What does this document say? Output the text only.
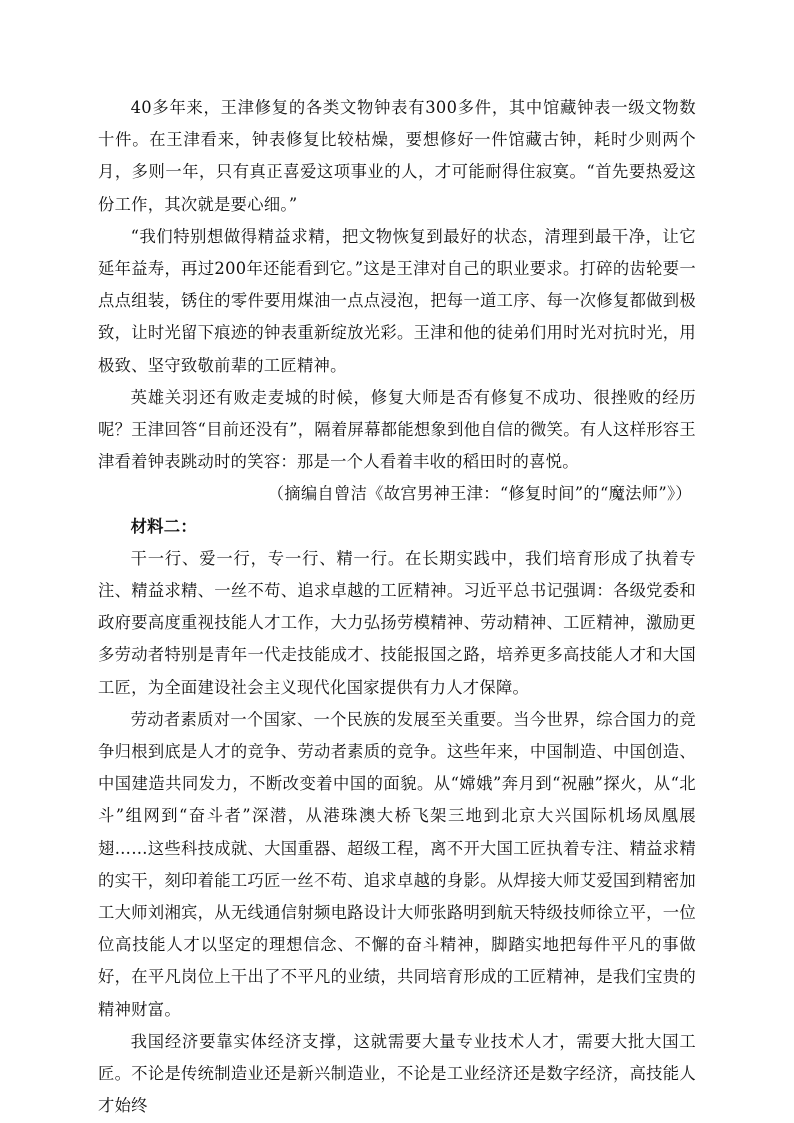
40多年来，王津修复的各类文物钟表有300多件，其中馆藏钟表一级文物数十件。在王津看来，钟表修复比较枯燥，要想修好一件馆藏古钟，耗时少则两个月，多则一年，只有真正喜爱这项事业的人，才可能耐得住寂寞。“首先要热爱这份工作，其次就是要心细。”

“我们特别想做得精益求精，把文物恢复到最好的状态，清理到最干净，让它延年益寿，再过200年还能看到它。”这是王津对自己的职业要求。打碎的齿轮要一点点组装，锈住的零件要用煤油一点点浸泡，把每一道工序、每一次修复都做到极致，让时光留下痕迹的钟表重新绽放光彩。王津和他的徒弟们用时光对抗时光，用极致、坚守致敬前辈的工匠精神。

英雄关羽还有败走麦城的时候，修复大师是否有修复不成功、很挫败的经历呢？王津回答“目前还没有”，隔着屏幕都能想象到他自信的微笑。有人这样形容王津看着钟表跳动时的笑容：那是一个人看着丰收的稻田时的喜悦。

（摘编自曾洁《故宫男神王津：“修复时间”的“魔法师”》）

材料二：

干一行、爱一行，专一行、精一行。在长期实践中，我们培育形成了执着专注、精益求精、一丝不苟、追求卓越的工匠精神。习近平总书记强调：各级党委和政府要高度重视技能人才工作，大力弘扬劳模精神、劳动精神、工匠精神，激励更多劳动者特别是青年一代走技能成才、技能报国之路，培养更多高技能人才和大国工匠，为全面建设社会主义现代化国家提供有力人才保障。

劳动者素质对一个国家、一个民族的发展至关重要。当今世界，综合国力的竞争归根到底是人才的竞争、劳动者素质的竞争。这些年来，中国制造、中国创造、中国建造共同发力，不断改变着中国的面貌。从“嫦娥”奔月到“祝融”探火，从“北斗”组网到“奋斗者”深潜，从港珠澳大桥飞架三地到北京大兴国际机场凤凰展翅……这些科技成就、大国重器、超级工程，离不开大国工匠执着专注、精益求精的实干，刻印着能工巧匠一丝不苟、追求卓越的身影。从焊接大师艾爱国到精密加工大师刘湘宾，从无线通信射频电路设计大师张路明到航天特级技师徐立平，一位位高技能人才以坚定的理想信念、不懈的奋斗精神，脚踏实地把每件平凡的事做好，在平凡岗位上干出了不平凡的业绩，共同培育形成的工匠精神，是我们宝贵的精神财富。

我国经济要靠实体经济支撑，这就需要大量专业技术人才，需要大批大国工匠。不论是传统制造业还是新兴制造业，不论是工业经济还是数字经济，高技能人才始终
